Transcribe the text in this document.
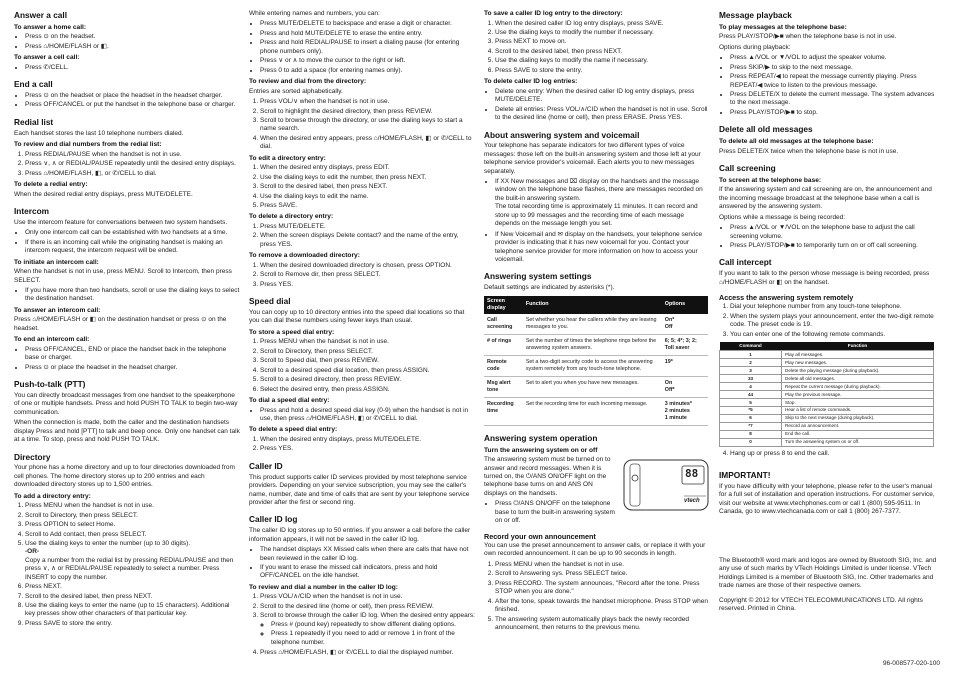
Answer a call
To answer a home call:
• Press ⊙ on the headset.
• Press ⌂/HOME/FLASH or ◧.
To answer a cell call:
• Press ✆/CELL.
End a call
• Press ⊙ on the headset or place the headset in the headset charger.
• Press OFF/CANCEL or put the handset in the telephone base or charger.
Redial list

Each handset stores the last 10 telephone numbers dialed.

To review and dial numbers from the redial list:
1. Press REDIAL/PAUSE when the handset is not in use.
2. Press ∨, ∧ or REDIAL/PAUSE repeatedly until the desired entry displays.
3. Press ⌂/HOME/FLASH, ◧, or ✆/CELL to dial.
To delete a redial entry:

When the desired redial entry displays, press MUTE/DELETE.

Intercom

Use the intercom feature for conversations between two system handsets.

• Only one intercom call can be established with two handsets at a time.
• If there is an incoming call while the originating handset is making an intercom request, the intercom request will be ended.
To initiate an intercom call:

When the handset is not in use, press MENU. Scroll to Intercom, then press SELECT.

• If you have more than two handsets, scroll or use the dialing keys to select the destination handset.
To answer an intercom call:

Press ⌂/HOME/FLASH or ◧ on the destination handset or press ⊙ on the headset.

To end an intercom call:
• Press OFF/CANCEL, END or place the handset back in the telephone base or charger.
• Press ⊙ or place the headset in the headset charger.
Push-to-talk (PTT)

You can directly broadcast messages from one handset to the speakerphone of one or multiple handsets. Press and hold PUSH TO TALK to begin two-way communication.

When the connection is made, both the caller and the destination handsets display Press and hold [PTT] to talk and beep once. Only one handset can talk at a time. To stop, press and hold PUSH TO TALK.

Directory

Your phone has a home directory and up to four directories downloaded from cell phones. The home directory stores up to 200 entries and each downloaded directory stores up to 1,500 entries.

To add a directory entry:
1. Press MENU when the handset is not in use.
2. Scroll to Directory, then press SELECT.
3. Press OPTION to select Home.
4. Scroll to Add contact, then press SELECT.
5. Use the dialing keys to enter the number (up to 30 digits).
-OR-
Copy a number from the redial list by pressing REDIAL/PAUSE and then press ∨, ∧ or REDIAL/PAUSE repeatedly to select a number. Press INSERT to copy the number.
6. Press NEXT.
7. Scroll to the desired label, then press NEXT.
8. Use the dialing keys to enter the name (up to 15 characters). Additional key presses show other characters of that particular key.
9. Press SAVE to store the entry.

While entering names and numbers, you can:

• Press MUTE/DELETE to backspace and erase a digit or character.
• Press and hold MUTE/DELETE to erase the entire entry.
• Press and hold REDIAL/PAUSE to insert a dialing pause (for entering phone numbers only).
• Press ∨ or ∧ to move the cursor to the right or left.
• Press 0 to add a space (for entering names only).
To review and dial from the directory:

Entries are sorted alphabetically.

1. Press VOL/∨ when the handset is not in use.
2. Scroll to highlight the desired directory, then press REVIEW.
3. Scroll to browse through the directory, or use the dialing keys to start a name search.
4. When the desired entry appears, press ⌂/HOME/FLASH, ◧ or ✆/CELL to dial.
To edit a directory entry:
1. When the desired entry displays, press EDIT.
2. Use the dialing keys to edit the number, then press NEXT.
3. Scroll to the desired label, then press NEXT.
4. Use the dialing keys to edit the name.
5. Press SAVE.
To delete a directory entry:
1. Press MUTE/DELETE.
2. When the screen displays Delete contact? and the name of the entry, press YES.
To remove a downloaded directory:
1. When the desired downloaded directory is chosen, press OPTION.
2. Scroll to Remove dir, then press SELECT.
3. Press YES.
Speed dial

You can copy up to 10 directory entries into the speed dial locations so that you can dial these numbers using fewer keys than usual.

To store a speed dial entry:
1. Press MENU when the handset is not in use.
2. Scroll to Directory, then press SELECT.
3. Scroll to Speed dial, then press REVIEW.
4. Scroll to a desired speed dial location, then press ASSIGN.
5. Scroll to a desired directory, then press REVIEW.
6. Select the desired entry, then press ASSIGN.
To dial a speed dial entry:
• Press and hold a desired speed dial key (0-9) when the handset is not in use, then press ⌂/HOME/FLASH, ◧ or ✆/CELL to dial.
To delete a speed dial entry:
1. When the desired entry displays, press MUTE/DELETE.
2. Press YES.
Caller ID

This product supports caller ID services provided by most telephone service providers. Depending on your service subscription, you may see the caller's name, number, date and time of calls that are sent by your telephone service provider after the first or second ring.

Caller ID log

The caller ID log stores up to 50 entries. If you answer a call before the caller information appears, it will not be saved in the caller ID log.

• The handset displays XX Missed calls when there are calls that have not been reviewed in the caller ID log.
• If you want to erase the missed call indicators, press and hold OFF/CANCEL on the idle handset.
To review and dial a number in the caller ID log:
1. Press VOL/∧/CID when the handset is not in use.
2. Scroll to the desired line (home or cell), then press REVIEW.
3. Scroll to browse through the caller ID log. When the desired entry appears:
◦ Press # (pound key) repeatedly to show different dialing options.
◦ Press 1 repeatedly if you need to add or remove 1 in front of the telephone number.
4. Press ⌂/HOME/FLASH, ◧ or ✆/CELL to dial the displayed number.
To save a caller ID log entry to the directory:
1. When the desired caller ID log entry displays, press SAVE.
2. Use the dialing keys to modify the number if necessary.
3. Press NEXT to move on.
4. Scroll to the desired label, then press NEXT.
5. Use the dialing keys to modify the name if necessary.
6. Press SAVE to store the entry.
To delete caller ID log entries:
• Delete one entry: When the desired caller ID log entry displays, press MUTE/DELETE.
• Delete all entries: Press VOL/∧/CID when the handset is not in use. Scroll to the desired line (home or cell), then press ERASE. Press YES.
About answering system and voicemail

Your telephone has separate indicators for two different types of voice messages: those left on the built-in answering system and those left at your telephone service provider's voicemail. Each alerts you to new messages separately.

• If XX New messages and ⌧ display on the handsets and the message window on the telephone base flashes, there are messages recorded on the built-in answering system.

The total recording time is approximately 11 minutes. It can record and store up to 99 messages and the recording time of each message depends on the message length you set.

• If New Voicemail and ✉ display on the handsets, your telephone service provider is indicating that it has new voicemail for you. Contact your telephone service provider for more information on how to access your voicemail.
Answering system settings

Default settings are indicated by asterisks (*).

Screen display	Function	Options
Call screening	Set whether you hear the callers while they are leaving messages to you.	On*
Off
# of rings	Set the number of times the telephone rings before the answering system answers.	6; 5; 4*; 3; 2; Toll saver
Remote code	Set a two-digit security code to access the answering system remotely from any touch-tone telephone.	19*
Msg alert tone	Set to alert you when you have new messages.	On
Off*
Recording time	Set the recording time for each incoming message.	3 minutes*
2 minutes
1 minute
Answering system operation
Turn the answering system on or off
88
vtech

The answering system must be turned on to answer and record messages. When it is turned on, the ⏻/ANS ON/OFF light on the telephone base turns on and ANS ON displays on the handsets.

• Press ⏻/ANS ON/OFF on the telephone base to turn the built-in answering system on or off.
Record your own announcement

You can use the preset announcement to answer calls, or replace it with your own recorded announcement. It can be up to 90 seconds in length.

1. Press MENU when the handset is not in use.
2. Scroll to Answering sys. Press SELECT twice.
3. Press RECORD. The system announces, "Record after the tone. Press STOP when you are done."
4. After the tone, speak towards the handset microphone. Press STOP when finished.
5. The answering system automatically plays back the newly recorded announcement, then returns to the previous menu.
Message playback
To play messages at the telephone base:

Press PLAY/STOP/▶■ when the telephone base is not in use.

Options during playback:

• Press ▲/VOL or ▼/VOL to adjust the speaker volume.
• Press SKIP/▶ to skip to the next message.
• Press REPEAT/◀ to repeat the message currently playing. Press REPEAT/◀ twice to listen to the previous message.
• Press DELETE/X to delete the current message. The system advances to the next message.
• Press PLAY/STOP/▶■ to stop.
Delete all old messages
To delete all old messages at the telephone base:

Press DELETE/X twice when the telephone base is not in use.

Call screening
To screen at the telephone base:

If the answering system and call screening are on, the announcement and the incoming message broadcast at the telephone base when a call is answered by the answering system.

Options while a message is being recorded:

• Press ▲/VOL or ▼/VOL on the telephone base to adjust the call screening volume.
• Press PLAY/STOP/▶■ to temporarily turn on or off call screening.
Call intercept

If you want to talk to the person whose message is being recorded, press ⌂/HOME/FLASH or ◧ on the handset.

Access the answering system remotely
1. Dial your telephone number from any touch-tone telephone.
2. When the system plays your announcement, enter the two-digit remote code. The preset code is 19.
3. You can enter one of the following remote commands.
Command	Function
1	Play all messages.
2	Play new messages.
3	Delete the playing message (during playback).
33	Delete all old messages.
4	Repeat the current message (during playback).
44	Play the previous message.
5	Stop.
*5	Hear a list of remote commands.
6	Skip to the next message (during playback).
*7	Record an announcement.
8	End the call.
0	Turn the answering system on or off.
4. Hang up or press 8 to end the call.
IMPORTANT!

If you have difficulty with your telephone, please refer to the user's manual for a full set of installation and operation instructions. For customer service, visit our website at www.vtechphones.com or call 1 (800) 595-9511. In Canada, go to www.vtechcanada.com or call 1 (800) 267-7377.

The Bluetooth® word mark and logos are owned by Bluetooth SIG, Inc. and any use of such marks by VTech Holdings Limited is under license. VTech Holdings Limited is a member of Bluetooth SIG, Inc. Other trademarks and trade names are those of their respective owners.

Copyright © 2012 for VTECH TELECOMMUNICATIONS LTD. All rights reserved. Printed in China.

96-008577-020-100
